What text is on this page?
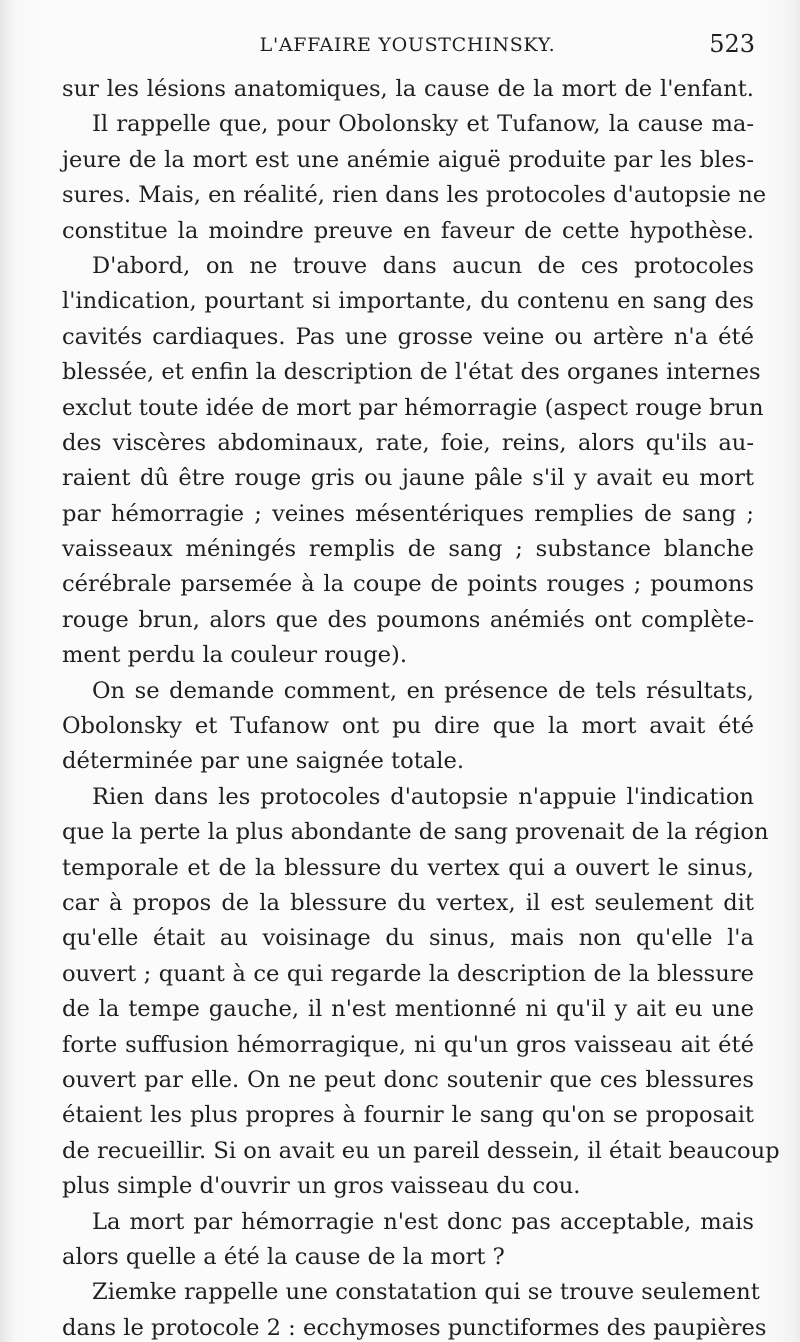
L'AFFAIRE YOUSTCHINSKY.	523
sur les lésions anatomiques, la cause de la mort de l'enfant.
Il rappelle que, pour Obolonsky et Tufanow, la cause ma-
jeure de la mort est une anémie aiguë produite par les bles-
sures. Mais, en réalité, rien dans les protocoles d'autopsie ne
constitue la moindre preuve en faveur de cette hypothèse.
D'abord, on ne trouve dans aucun de ces protocoles
l'indication, pourtant si importante, du contenu en sang des
cavités cardiaques. Pas une grosse veine ou artère n'a été
blessée, et enfin la description de l'état des organes internes
exclut toute idée de mort par hémorragie (aspect rouge brun
des viscères abdominaux, rate, foie, reins, alors qu'ils au-
raient dû être rouge gris ou jaune pâle s'il y avait eu mort
par hémorragie ; veines mésentériques remplies de sang ;
vaisseaux méningés remplis de sang ; substance blanche
cérébrale parsemée à la coupe de points rouges ; poumons
rouge brun, alors que des poumons anémiés ont complète-
ment perdu la couleur rouge).
On se demande comment, en présence de tels résultats,
Obolonsky et Tufanow ont pu dire que la mort avait été
déterminée par une saignée totale.
Rien dans les protocoles d'autopsie n'appuie l'indication
que la perte la plus abondante de sang provenait de la région
temporale et de la blessure du vertex qui a ouvert le sinus,
car à propos de la blessure du vertex, il est seulement dit
qu'elle était au voisinage du sinus, mais non qu'elle l'a
ouvert ; quant à ce qui regarde la description de la blessure
de la tempe gauche, il n'est mentionné ni qu'il y ait eu une
forte suffusion hémorragique, ni qu'un gros vaisseau ait été
ouvert par elle. On ne peut donc soutenir que ces blessures
étaient les plus propres à fournir le sang qu'on se proposait
de recueillir. Si on avait eu un pareil dessein, il était beaucoup
plus simple d'ouvrir un gros vaisseau du cou.
La mort par hémorragie n'est donc pas acceptable, mais
alors quelle a été la cause de la mort ?
Ziemke rappelle une constatation qui se trouve seulement
dans le protocole 2 : ecchymoses punctiformes des paupières
